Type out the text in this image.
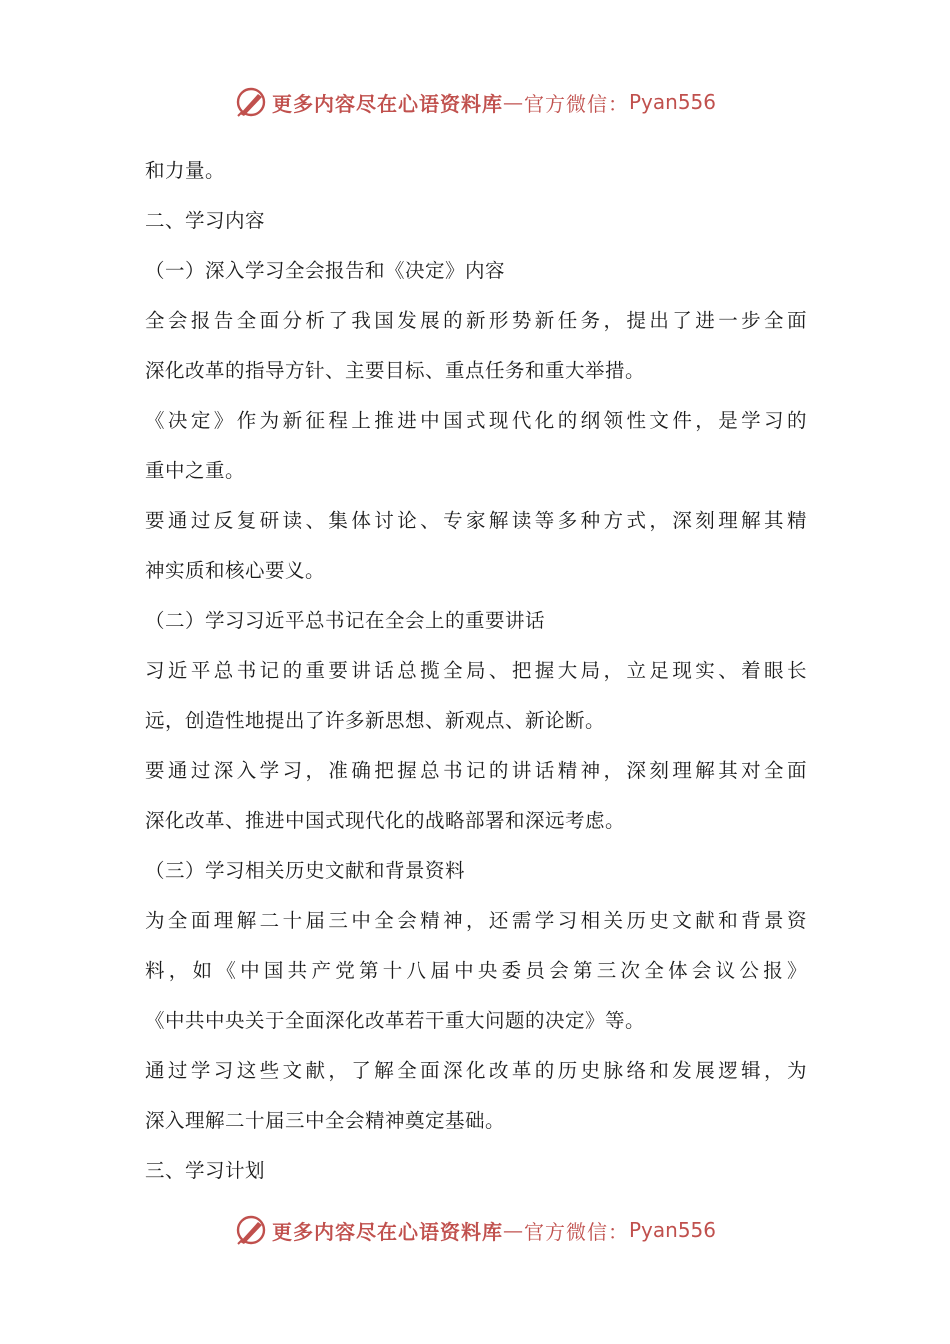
更多内容尽在心语资料库 — 官方微信： Pyan556
和力量。
二、学习内容
（一）深入学习全会报告和《决定》内容
全会报告全面分析了我国发展的新形势新任务，提出了进一步全面
深化改革的指导方针、主要目标、重点任务和重大举措。
《决定》作为新征程上推进中国式现代化的纲领性文件，是学习的
重中之重。
要通过反复研读、集体讨论、专家解读等多种方式，深刻理解其精
神实质和核心要义。
（二）学习习近平总书记在全会上的重要讲话
习近平总书记的重要讲话总揽全局、把握大局，立足现实、着眼长
远，创造性地提出了许多新思想、新观点、新论断。
要通过深入学习，准确把握总书记的讲话精神，深刻理解其对全面
深化改革、推进中国式现代化的战略部署和深远考虑。
（三）学习相关历史文献和背景资料
为全面理解二十届三中全会精神，还需学习相关历史文献和背景资
料，如《中国共产党第十八届中央委员会第三次全体会议公报》
《中共中央关于全面深化改革若干重大问题的决定》等。
通过学习这些文献，了解全面深化改革的历史脉络和发展逻辑，为
深入理解二十届三中全会精神奠定基础。
三、学习计划
更多内容尽在心语资料库 — 官方微信： Pyan556
